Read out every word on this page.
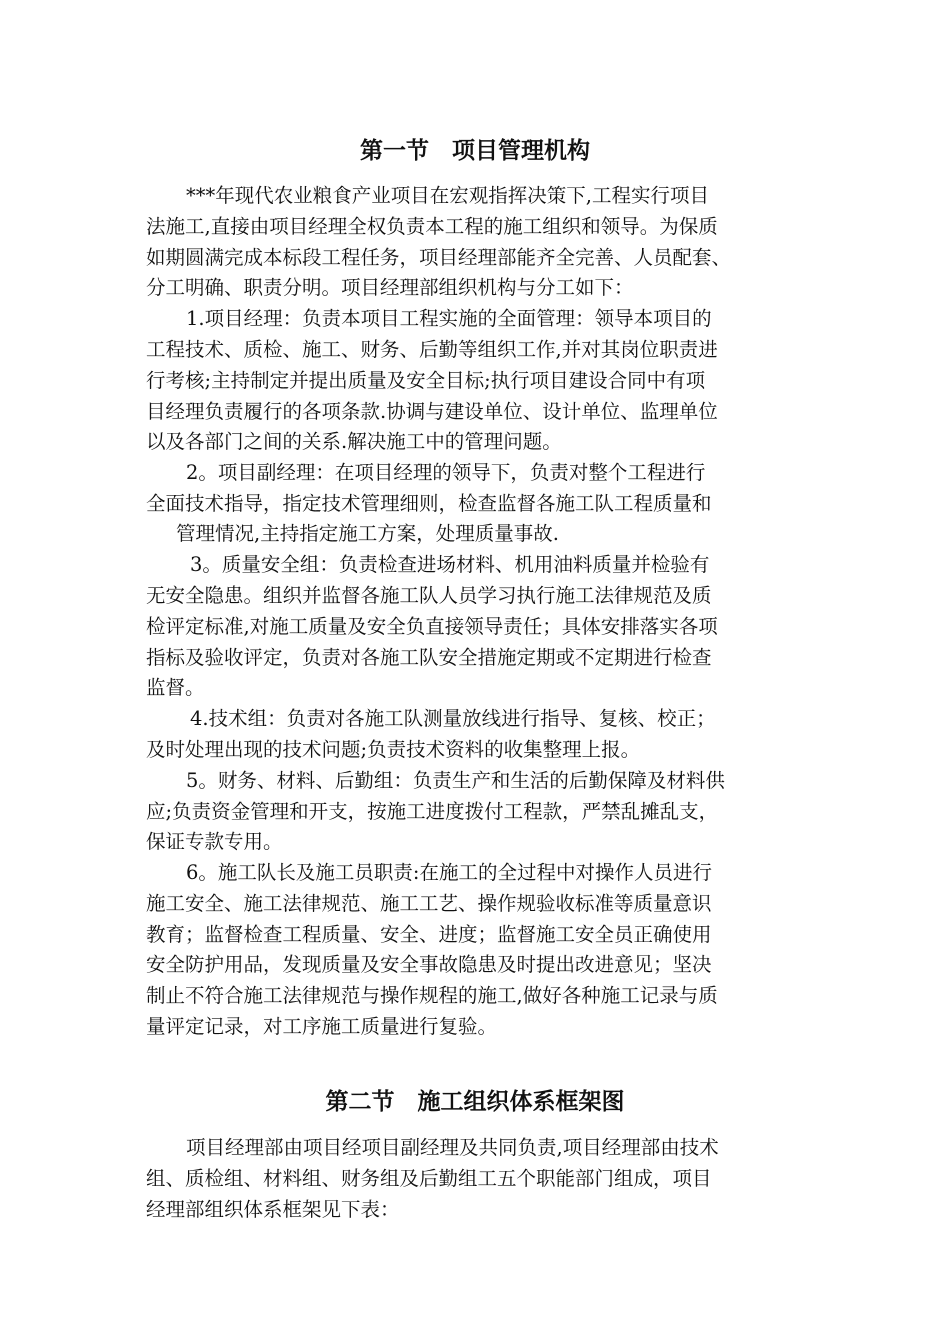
第一节　项目管理机构
***年现代农业粮食产业项目在宏观指挥决策下,工程实行项目
法施工,直接由项目经理全权负责本工程的施工组织和领导。为保质
如期圆满完成本标段工程任务，项目经理部能齐全完善、人员配套、
分工明确、职责分明。项目经理部组织机构与分工如下：
1.项目经理：负责本项目工程实施的全面管理：领导本项目的
工程技术、质检、施工、财务、后勤等组织工作,并对其岗位职责进
行考核;主持制定并提出质量及安全目标;执行项目建设合同中有项
目经理负责履行的各项条款.协调与建设单位、设计单位、监理单位
以及各部门之间的关系.解决施工中的管理问题。
2。项目副经理：在项目经理的领导下，负责对整个工程进行
全面技术指导，指定技术管理细则，检查监督各施工队工程质量和
管理情况,主持指定施工方案，处理质量事故.
3。质量安全组：负责检查进场材料、机用油料质量并检验有
无安全隐患。组织并监督各施工队人员学习执行施工法律规范及质
检评定标准,对施工质量及安全负直接领导责任；具体安排落实各项
指标及验收评定，负责对各施工队安全措施定期或不定期进行检查
监督。
4.技术组：负责对各施工队测量放线进行指导、复核、校正；
及时处理出现的技术问题;负责技术资料的收集整理上报。
5。财务、材料、后勤组：负责生产和生活的后勤保障及材料供
应;负责资金管理和开支，按施工进度拨付工程款，严禁乱摊乱支，
保证专款专用。
6。施工队长及施工员职责:在施工的全过程中对操作人员进行
施工安全、施工法律规范、施工工艺、操作规验收标准等质量意识
教育；监督检查工程质量、安全、进度；监督施工安全员正确使用
安全防护用品，发现质量及安全事故隐患及时提出改进意见；坚决
制止不符合施工法律规范与操作规程的施工,做好各种施工记录与质
量评定记录，对工序施工质量进行复验。
第二节　施工组织体系框架图
项目经理部由项目经项目副经理及共同负责,项目经理部由技术
组、质检组、材料组、财务组及后勤组工五个职能部门组成，项目
经理部组织体系框架见下表：
